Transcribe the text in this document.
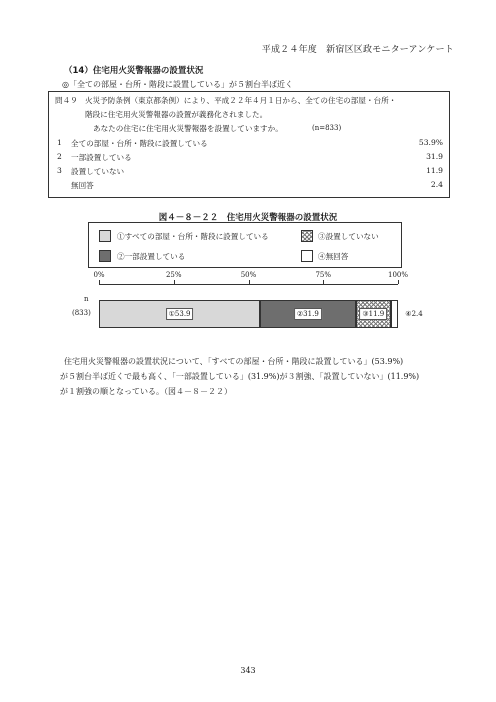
平成２４年度　新宿区区政モニターアンケート
（14）住宅用火災警報器の設置状況
◎「全ての部屋・台所・階段に設置している」が５割台半ば近く
問４９ 火災予防条例（東京都条例）により、平成２２年４月１日から、全ての住宅の部屋・台所・
階段に住宅用火災警報器の設置が義務化されました。
あなたの住宅に住宅用火災警報器を設置していますか。	(n=833)
1 全ての部屋・台所・階段に設置している	53.9%
2 一部設置している	31.9
3 設置していない	11.9
無回答	2.4
図４－８－２２　住宅用火災警報器の設置状況
①すべての部屋・台所・階段に設置している	③設置していない
②一部設置している	④無回答
0%	25%	50%	75%	100%
n
(833)	①53.9	②31.9	③11.9	④2.4
住宅用火災警報器の設置状況について、「すべての部屋・台所・階段に設置している」(53.9%)
が５割台半ば近くで最も高く、「一部設置している」(31.9%)が３割強、「設置していない」(11.9%)
が１割強の順となっている。（図４－８－２２）
343
